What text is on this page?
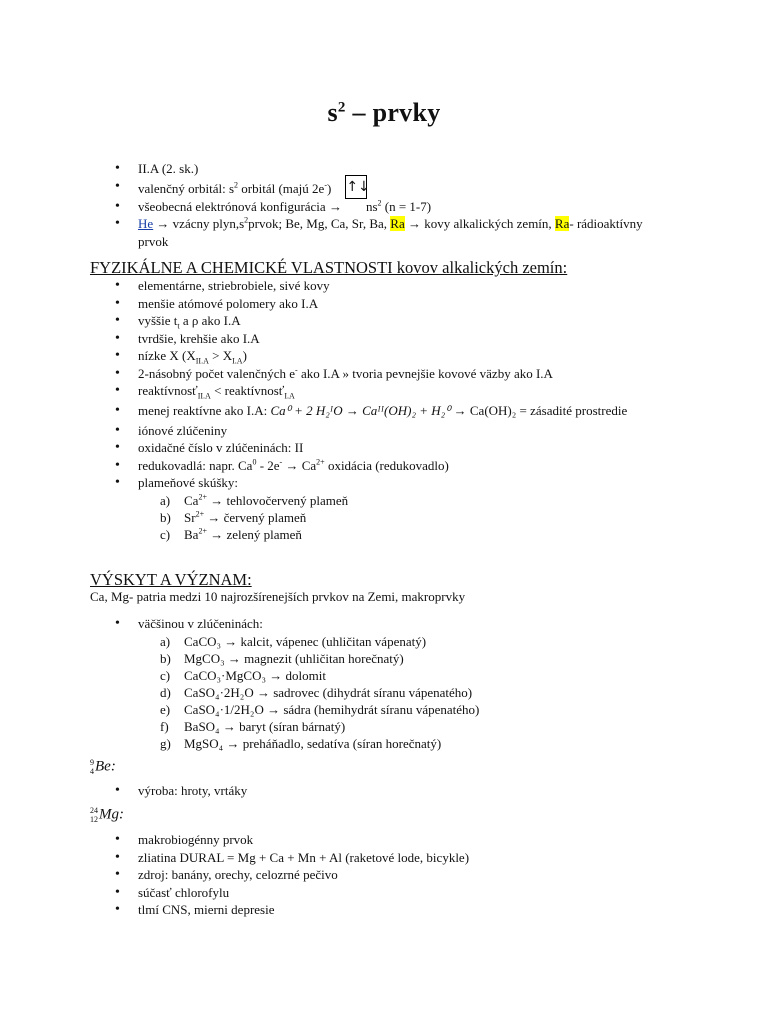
$s^2$ – prvky
• II.A (2. sk.)
• valenčný orbitál: $s^2$ orbitál (majú 2e-) ↑↓
• všeobecná elektrónová konfigurácia → $ns^2$ (n = 1-7)
• He → vzácny $plyn,s^2prvok$; Be, Mg, Ca, Sr, Ba, Ra → kovy alkalických zemín, Ra- rádioaktívny
prvok
FYZIKÁLNE A CHEMICKÉ VLASTNOSTI kovov alkalických zemín:
• elementárne, striebrobiele, sivé kovy
• menšie atómové polomery ako I.A
• vyššie $t_t$ a ρ ako I.A
• tvrdšie, krehšie ako I.A
• nízke X $(X_{II.A} > X_{I.A})$
• 2-násobný počet valenčných e- ako I.A » tvoria pevnejšie kovové väzby ako I.A
• reaktívnosť$_{II.A}$ < reaktívnosť$_{I.A}$
• menej reaktívne ako I.A: Ca⁰ + 2 H₂ᴵO → Caᴵᴵ(OH)₂ + H₂⁰ → Ca(OH)₂ = zásadité prostredie
• iónové zlúčeniny
• oxidačné číslo v zlúčeninách: II
• redukovadlá: napr. $Ca^0 - 2e^- \to Ca^{2+}$ oxidácia (redukovadlo)
• plameňové skúšky:
a) $Ca^{2+}$ → tehlovočervený plameň
b) $Sr^{2+}$ → červený plameň
c) $Ba^{2+}$ → zelený plameň
VÝSKYT A VÝZNAM:
Ca, Mg- patria medzi 10 najrozšírenejších prvkov na Zemi, makroprvky
• väčšinou v zlúčeninách:
a) CaCO₃ → kalcit, vápenec (uhličitan vápenatý)
b) MgCO₃ → magnezit (uhličitan horečnatý)
c) CaCO₃·MgCO₃ → dolomit
d) CaSO₄·2H₂O → sadrovec (dihydrát síranu vápenatého)
e) CaSO₄·1/2H₂O → sádra (hemihydrát síranu vápenatého)
f) BaSO₄ → baryt (síran bárnatý)
g) MgSO₄ → preháňadlo, sedatíva (síran horečnatý)
9
4Be:
• výroba: hroty, vrtáky
24
12Mg:
• makrobiogénny prvok
• zliatina DURAL = Mg + Ca + Mn + Al (raketové lode, bicykle)
• zdroj: banány, orechy, celozrné pečivo
• súčasť chlorofylu
• tlmí CNS, mierni depresie
